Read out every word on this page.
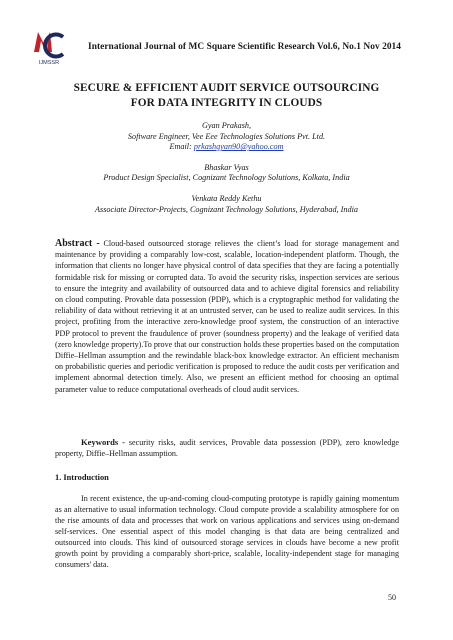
IJMSSR
International Journal of MC Square Scientific Research Vol.6, No.1 Nov 2014
SECURE & EFFICIENT AUDIT SERVICE OUTSOURCING
FOR DATA INTEGRITY IN CLOUDS
Gyan Prakash,
Software Engineer, Vee Eee Technologies Solutions Pvt. Ltd.
Email: prkashgyan90@yahoo.com
Bhaskar Vyas
Product Design Specialist, Cognizant Technology Solutions, Kolkata, India
Venkata Reddy Kethu
Associate Director-Projects, Cognizant Technology Solutions, Hyderabad, India
Abstract - Cloud-based outsourced storage relieves the client’s load for storage management and maintenance by providing a comparably low-cost, scalable, location-independent platform. Though, the information that clients no longer have physical control of data specifies that they are facing a potentially formidable risk for missing or corrupted data. To avoid the security risks, inspection services are serious to ensure the integrity and availability of outsourced data and to achieve digital forensics and reliability on cloud computing. Provable data possession (PDP), which is a cryptographic method for validating the reliability of data without retrieving it at an untrusted server, can be used to realize audit services. In this project, profiting from the interactive zero-knowledge proof system, the construction of an interactive PDP protocol to prevent the fraudulence of prover (soundness property) and the leakage of verified data (zero knowledge property).To prove that our construction holds these properties based on the computation Diffie–Hellman assumption and the rewindable black-box knowledge extractor. An efficient mechanism on probabilistic queries and periodic verification is proposed to reduce the audit costs per verification and implement abnormal detection timely. Also, we present an efficient method for choosing an optimal parameter value to reduce computational overheads of cloud audit services.
Keywords - security risks, audit services, Provable data possession (PDP), zero knowledge property, Diffie–Hellman assumption.
1. Introduction
In recent existence, the up-and-coming cloud-computing prototype is rapidly gaining momentum as an alternative to usual information technology. Cloud compute provide a scalability atmosphere for on the rise amounts of data and processes that work on various applications and services using on-demand self-services. One essential aspect of this model changing is that data are being centralized and outsourced into clouds. This kind of outsourced storage services in clouds have become a new profit growth point by providing a comparably short-price, scalable, locality-independent stage for managing consumers' data.
50
